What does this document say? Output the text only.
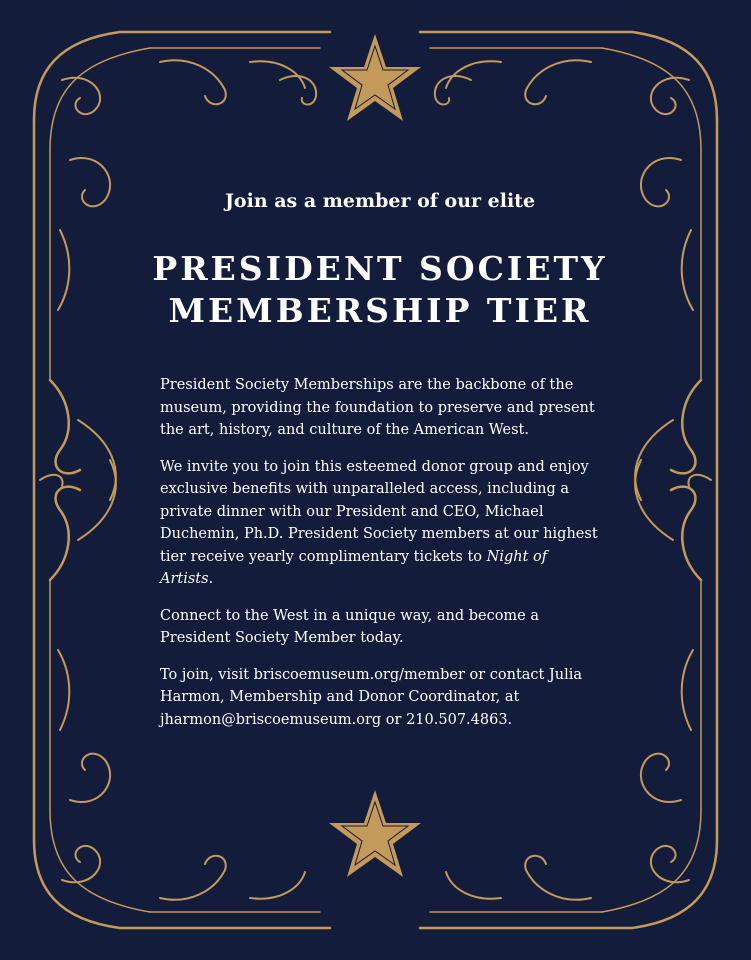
Join as a member of our elite
PRESIDENT SOCIETY
MEMBERSHIP TIER

President Society Memberships are the backbone of the museum, providing the foundation to preserve and present the art, history, and culture of the American West.

We invite you to join this esteemed donor group and enjoy exclusive benefits with unparalleled access, including a private dinner with our President and CEO, Michael Duchemin, Ph.D. President Society members at our highest tier receive yearly complimentary tickets to Night of Artists.

Connect to the West in a unique way, and become a President Society Member today.

To join, visit briscoemuseum.org/member or contact Julia Harmon, Membership and Donor Coordinator, at jharmon@briscoemuseum.org or 210.507.4863.
